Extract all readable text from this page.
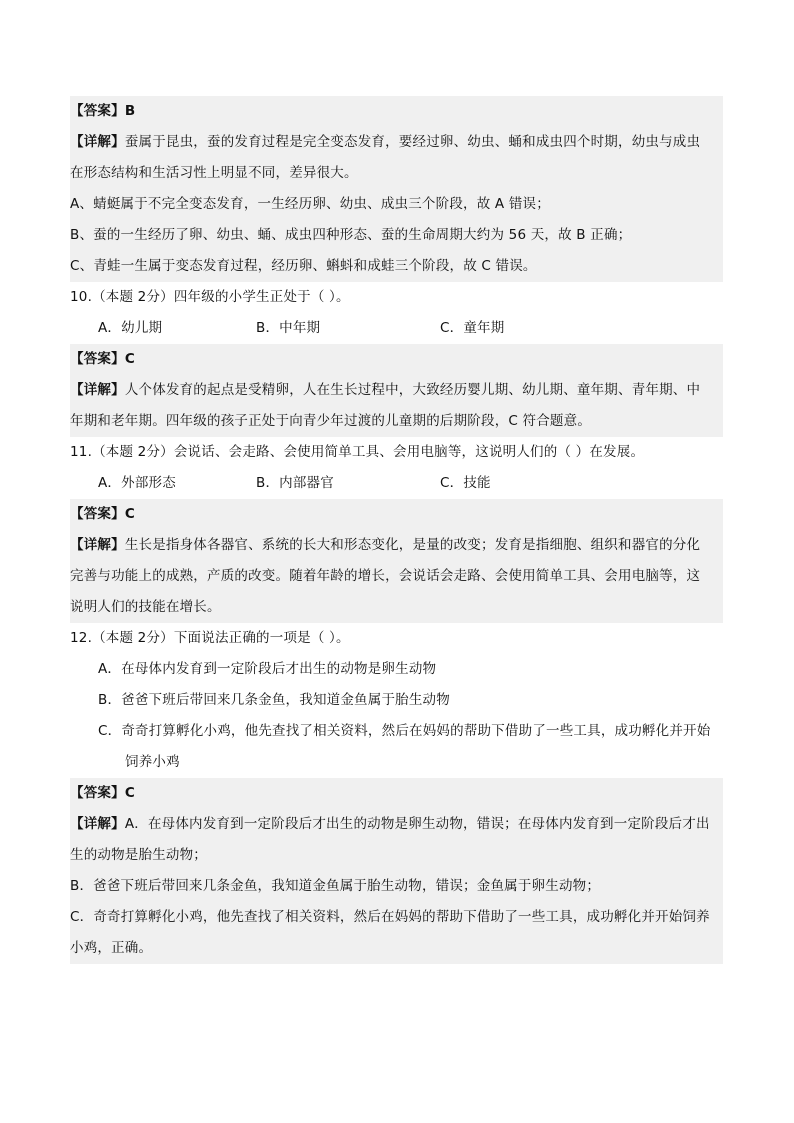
【答案】B
【详解】蚕属于昆虫，蚕的发育过程是完全变态发育，要经过卵、幼虫、蛹和成虫四个时期，幼虫与成虫
在形态结构和生活习性上明显不同，差异很大。
A、蜻蜓属于不完全变态发育，一生经历卵、幼虫、成虫三个阶段，故 A 错误；
B、蚕的一生经历了卵、幼虫、蛹、成虫四种形态、蚕的生命周期大约为 56 天，故 B 正确；
C、青蛙一生属于变态发育过程，经历卵、蝌蚪和成蛙三个阶段，故 C 错误。
10.（本题 2分）四年级的小学生正处于（ ）。
A．幼儿期	B．中年期	C．童年期
【答案】C
【详解】人个体发育的起点是受精卵，人在生长过程中，大致经历婴儿期、幼儿期、童年期、青年期、中
年期和老年期。四年级的孩子正处于向青少年过渡的儿童期的后期阶段，C 符合题意。
11.（本题 2分）会说话、会走路、会使用简单工具、会用电脑等，这说明人们的（ ）在发展。
A．外部形态	B．内部器官	C．技能
【答案】C
【详解】生长是指身体各器官、系统的长大和形态变化，是量的改变；发育是指细胞、组织和器官的分化
完善与功能上的成熟，产质的改变。随着年龄的增长，会说话会走路、会使用简单工具、会用电脑等，这
说明人们的技能在增长。
12.（本题 2分）下面说法正确的一项是（ ）。
A．在母体内发育到一定阶段后才出生的动物是卵生动物
B．爸爸下班后带回来几条金鱼，我知道金鱼属于胎生动物
C．奇奇打算孵化小鸡，他先查找了相关资料，然后在妈妈的帮助下借助了一些工具，成功孵化并开始
饲养小鸡
【答案】C
【详解】A．在母体内发育到一定阶段后才出生的动物是卵生动物，错误；在母体内发育到一定阶段后才出
生的动物是胎生动物；
B．爸爸下班后带回来几条金鱼，我知道金鱼属于胎生动物，错误；金鱼属于卵生动物；
C．奇奇打算孵化小鸡，他先查找了相关资料，然后在妈妈的帮助下借助了一些工具，成功孵化并开始饲养
小鸡，正确。
